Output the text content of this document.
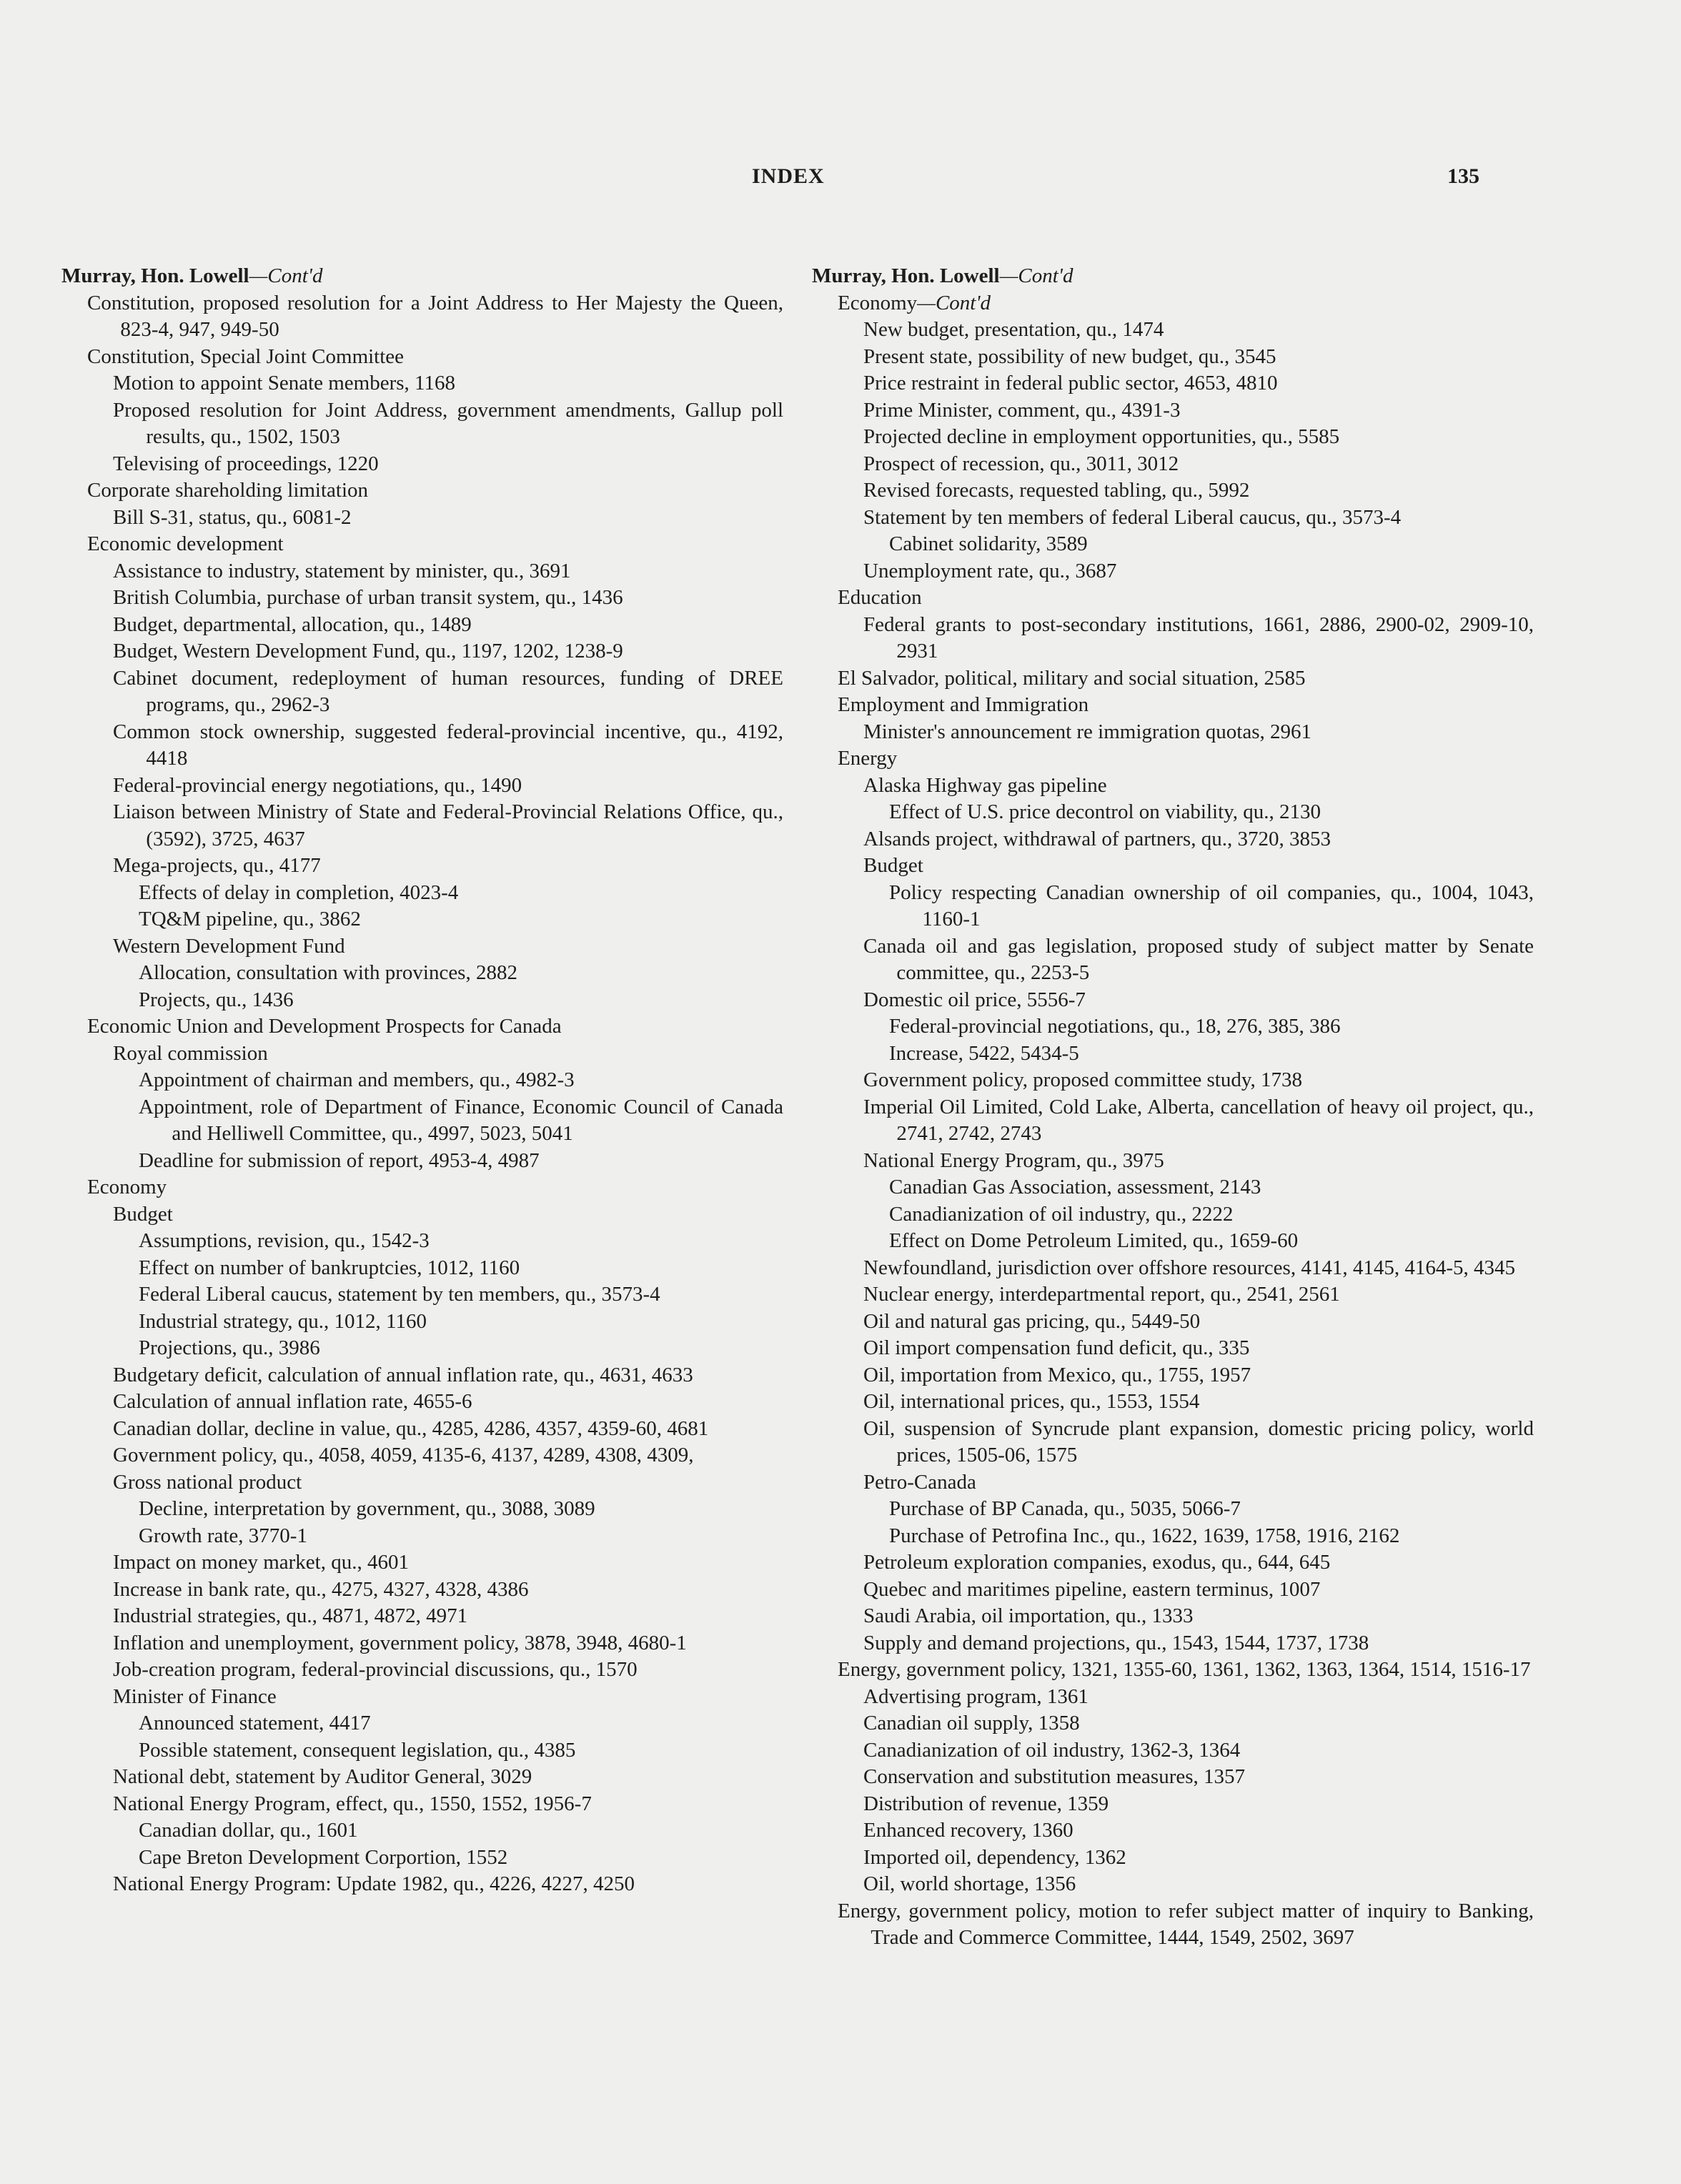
INDEX	135
Murray, Hon. Lowell—Cont'd
Constitution, proposed resolution for a Joint Address to Her Majesty the Queen, 823-4, 947, 949-50
Constitution, Special Joint Committee
Motion to appoint Senate members, 1168
Proposed resolution for Joint Address, government amendments, Gallup poll results, qu., 1502, 1503
Televising of proceedings, 1220
Corporate shareholding limitation
Bill S-31, status, qu., 6081-2
Economic development
Assistance to industry, statement by minister, qu., 3691
British Columbia, purchase of urban transit system, qu., 1436
Budget, departmental, allocation, qu., 1489
Budget, Western Development Fund, qu., 1197, 1202, 1238-9
Cabinet document, redeployment of human resources, funding of DREE programs, qu., 2962-3
Common stock ownership, suggested federal-provincial incentive, qu., 4192, 4418
Federal-provincial energy negotiations, qu., 1490
Liaison between Ministry of State and Federal-Provincial Relations Office, qu., (3592), 3725, 4637
Mega-projects, qu., 4177
Effects of delay in completion, 4023-4
TQ&M pipeline, qu., 3862
Western Development Fund
Allocation, consultation with provinces, 2882
Projects, qu., 1436
Economic Union and Development Prospects for Canada
Royal commission
Appointment of chairman and members, qu., 4982-3
Appointment, role of Department of Finance, Economic Council of Canada and Helliwell Committee, qu., 4997, 5023, 5041
Deadline for submission of report, 4953-4, 4987
Economy
Budget
Assumptions, revision, qu., 1542-3
Effect on number of bankruptcies, 1012, 1160
Federal Liberal caucus, statement by ten members, qu., 3573-4
Industrial strategy, qu., 1012, 1160
Projections, qu., 3986
Budgetary deficit, calculation of annual inflation rate, qu., 4631, 4633
Calculation of annual inflation rate, 4655-6
Canadian dollar, decline in value, qu., 4285, 4286, 4357, 4359-60, 4681
Government policy, qu., 4058, 4059, 4135-6, 4137, 4289, 4308, 4309,
Gross national product
Decline, interpretation by government, qu., 3088, 3089
Growth rate, 3770-1
Impact on money market, qu., 4601
Increase in bank rate, qu., 4275, 4327, 4328, 4386
Industrial strategies, qu., 4871, 4872, 4971
Inflation and unemployment, government policy, 3878, 3948, 4680-1
Job-creation program, federal-provincial discussions, qu., 1570
Minister of Finance
Announced statement, 4417
Possible statement, consequent legislation, qu., 4385
National debt, statement by Auditor General, 3029
National Energy Program, effect, qu., 1550, 1552, 1956-7
Canadian dollar, qu., 1601
Cape Breton Development Corportion, 1552
National Energy Program: Update 1982, qu., 4226, 4227, 4250
Murray, Hon. Lowell—Cont'd
Economy—Cont'd
New budget, presentation, qu., 1474
Present state, possibility of new budget, qu., 3545
Price restraint in federal public sector, 4653, 4810
Prime Minister, comment, qu., 4391-3
Projected decline in employment opportunities, qu., 5585
Prospect of recession, qu., 3011, 3012
Revised forecasts, requested tabling, qu., 5992
Statement by ten members of federal Liberal caucus, qu., 3573-4
Cabinet solidarity, 3589
Unemployment rate, qu., 3687
Education
Federal grants to post-secondary institutions, 1661, 2886, 2900-02, 2909-10, 2931
El Salvador, political, military and social situation, 2585
Employment and Immigration
Minister's announcement re immigration quotas, 2961
Energy
Alaska Highway gas pipeline
Effect of U.S. price decontrol on viability, qu., 2130
Alsands project, withdrawal of partners, qu., 3720, 3853
Budget
Policy respecting Canadian ownership of oil companies, qu., 1004, 1043, 1160-1
Canada oil and gas legislation, proposed study of subject matter by Senate committee, qu., 2253-5
Domestic oil price, 5556-7
Federal-provincial negotiations, qu., 18, 276, 385, 386
Increase, 5422, 5434-5
Government policy, proposed committee study, 1738
Imperial Oil Limited, Cold Lake, Alberta, cancellation of heavy oil project, qu., 2741, 2742, 2743
National Energy Program, qu., 3975
Canadian Gas Association, assessment, 2143
Canadianization of oil industry, qu., 2222
Effect on Dome Petroleum Limited, qu., 1659-60
Newfoundland, jurisdiction over offshore resources, 4141, 4145, 4164-5, 4345
Nuclear energy, interdepartmental report, qu., 2541, 2561
Oil and natural gas pricing, qu., 5449-50
Oil import compensation fund deficit, qu., 335
Oil, importation from Mexico, qu., 1755, 1957
Oil, international prices, qu., 1553, 1554
Oil, suspension of Syncrude plant expansion, domestic pricing policy, world prices, 1505-06, 1575
Petro-Canada
Purchase of BP Canada, qu., 5035, 5066-7
Purchase of Petrofina Inc., qu., 1622, 1639, 1758, 1916, 2162
Petroleum exploration companies, exodus, qu., 644, 645
Quebec and maritimes pipeline, eastern terminus, 1007
Saudi Arabia, oil importation, qu., 1333
Supply and demand projections, qu., 1543, 1544, 1737, 1738
Energy, government policy, 1321, 1355-60, 1361, 1362, 1363, 1364, 1514, 1516-17
Advertising program, 1361
Canadian oil supply, 1358
Canadianization of oil industry, 1362-3, 1364
Conservation and substitution measures, 1357
Distribution of revenue, 1359
Enhanced recovery, 1360
Imported oil, dependency, 1362
Oil, world shortage, 1356
Energy, government policy, motion to refer subject matter of inquiry to Banking, Trade and Commerce Committee, 1444, 1549, 2502, 3697
